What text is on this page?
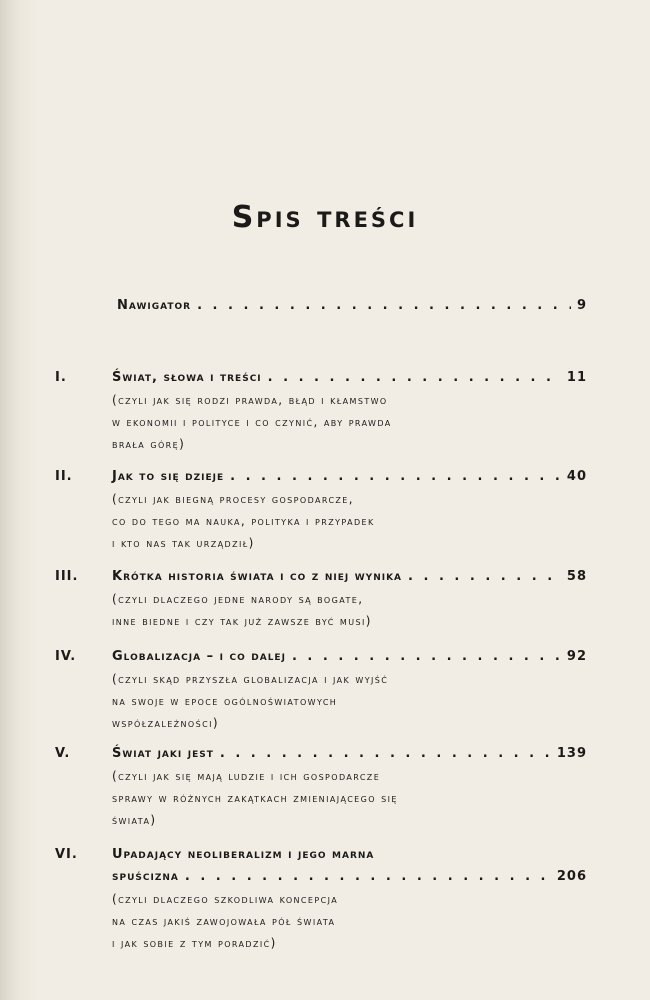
Spis treści
Nawigator . . .	9
I.	Świat, słowa i treści . . .	11
(czyli jak się rodzi prawda, błąd i kłamstwo
w ekonomii i polityce i co czynić, aby prawda
brała górę)
II.	Jak to się dzieje . . .	40
(czyli jak biegną procesy gospodarcze,
co do tego ma nauka, polityka i przypadek
i kto nas tak urządził)
III.	Krótka historia świata i co z niej wynika . . .	58
(czyli dlaczego jedne narody są bogate,
inne biedne i czy tak już zawsze być musi)
IV.	Globalizacja – i co dalej . . .	92
(czyli skąd przyszła globalizacja i jak wyjść
na swoje w epoce ogólnoświatowych
współzależności)
V.	Świat jaki jest . . .	139
(czyli jak się mają ludzie i ich gospodarcze
sprawy w różnych zakątkach zmieniającego się
świata)
VI.	Upadający neoliberalizm i jego marna
spuścizna . . .	206
(czyli dlaczego szkodliwa koncepcja
na czas jakiś zawojowała pół świata
i jak sobie z tym poradzić)
